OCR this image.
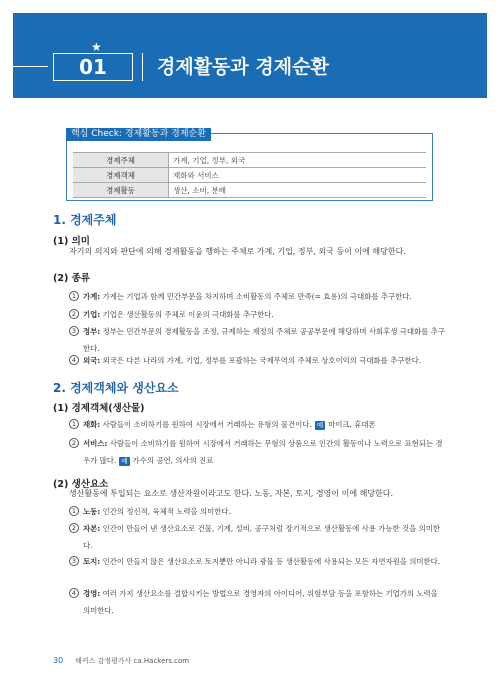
★
01	경제활동과 경제순환
핵심 Check: 경제활동과 경제순환
경제주체	가계, 기업, 정부, 외국
경제객체	재화와 서비스
경제활동	생산, 소비, 분배
1. 경제주체
(1) 의미
자기의 의지와 판단에 의해 경제활동을 행하는 주체로 가계, 기업, 정부, 외국 등이 이에 해당한다.
(2) 종류
1 가계: 가계는 기업과 함께 민간부문을 차지하며 소비활동의 주체로 만족(= 효용)의 극대화를 추구한다.
2 기업: 기업은 생산활동의 주체로 이윤의 극대화를 추구한다.
3 정부: 정부는 민간부문의 경제활동을 조정, 규제하는 재정의 주체로 공공부문에 해당하며 사회후생 극대화를 추구한다.
4 외국: 외국은 다른 나라의 가계, 기업, 정부를 포괄하는 국제무역의 주체로 상호이익의 극대화를 추구한다.
2. 경제객체와 생산요소
(1) 경제객체(생산물)
1 재화: 사람들이 소비하기를 원하여 시장에서 거래하는 유형의 물건이다. 예 마이크, 휴대폰
2 서비스: 사람들이 소비하기를 원하여 시장에서 거래하는 무형의 상품으로 인간의 활동이나 노력으로 표현되는 경우가 많다. 예 가수의 공연, 의사의 진료
(2) 생산요소
생산활동에 투입되는 요소로 생산자원이라고도 한다. 노동, 자본, 토지, 경영이 이에 해당한다.
1 노동: 인간의 정신적, 육체적 노력을 의미한다.
2 자본: 인간이 만들어 낸 생산요소로 건물, 기계, 설비, 공구처럼 장기적으로 생산활동에 사용 가능한 것을 의미한다.
3 토지: 인간이 만들지 않은 생산요소로 토지뿐만 아니라 광물 등 생산활동에 사용되는 모든 자연자원을 의미한다.
4 경영: 여러 가지 생산요소를 결합시키는 방법으로 경영자의 아이디어, 위험부담 등을 포함하는 기업가의 노력을 의미한다.
30 해커스 감정평가사 ca.Hackers.com
